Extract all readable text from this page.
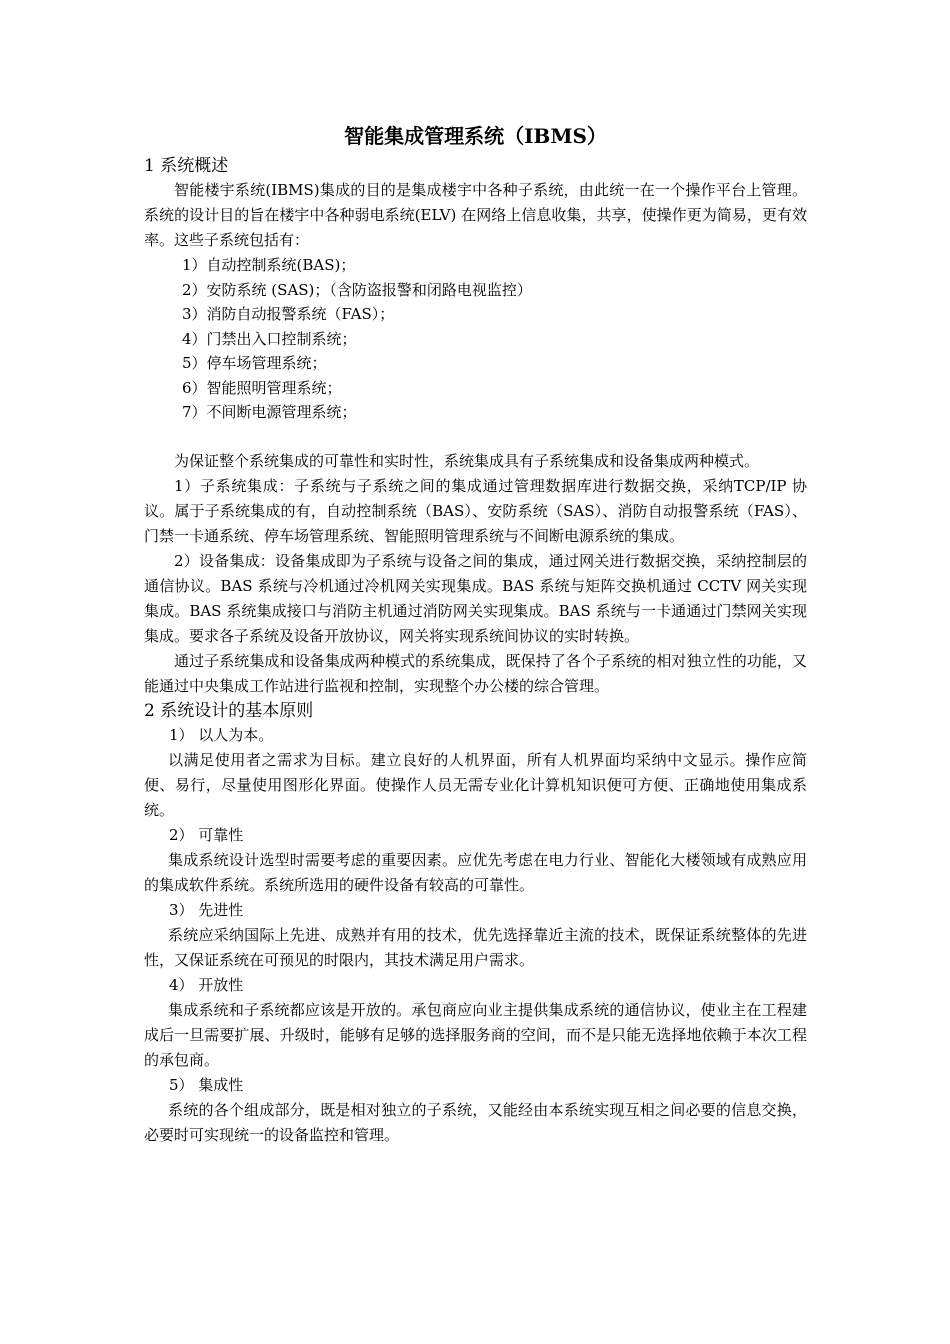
智能集成管理系统（IBMS）

1 系统概述

智能楼宇系统(IBMS)集成的目的是集成楼宇中各种子系统，由此统一在一个操作平台上管理。系统的设计目的旨在楼宇中各种弱电系统(ELV) 在网络上信息收集，共享，使操作更为简易，更有效率。这些子系统包括有：

1）自动控制系统(BAS)；

2）安防系统 (SAS)；（含防盗报警和闭路电视监控）

3）消防自动报警系统（FAS）；

4）门禁出入口控制系统；

5）停车场管理系统；

6）智能照明管理系统；

7）不间断电源管理系统；

为保证整个系统集成的可靠性和实时性，系统集成具有子系统集成和设备集成两种模式。

1）子系统集成：子系统与子系统之间的集成通过管理数据库进行数据交换，采纳TCP/IP 协议。属于子系统集成的有，自动控制系统（BAS）、安防系统（SAS）、消防自动报警系统（FAS）、门禁一卡通系统、停车场管理系统、智能照明管理系统与不间断电源系统的集成。

2）设备集成：设备集成即为子系统与设备之间的集成，通过网关进行数据交换，采纳控制层的通信协议。BAS 系统与冷机通过冷机网关实现集成。BAS 系统与矩阵交换机通过 CCTV 网关实现集成。BAS 系统集成接口与消防主机通过消防网关实现集成。BAS 系统与一卡通通过门禁网关实现集成。要求各子系统及设备开放协议，网关将实现系统间协议的实时转换。

通过子系统集成和设备集成两种模式的系统集成，既保持了各个子系统的相对独立性的功能，又能通过中央集成工作站进行监视和控制，实现整个办公楼的综合管理。

2 系统设计的基本原则

1） 以人为本。

以满足使用者之需求为目标。建立良好的人机界面，所有人机界面均采纳中文显示。操作应简便、易行，尽量使用图形化界面。使操作人员无需专业化计算机知识便可方便、正确地使用集成系统。

2） 可靠性

集成系统设计选型时需要考虑的重要因素。应优先考虑在电力行业、智能化大楼领域有成熟应用的集成软件系统。系统所选用的硬件设备有较高的可靠性。

3） 先进性

系统应采纳国际上先进、成熟并有用的技术，优先选择靠近主流的技术，既保证系统整体的先进性，又保证系统在可预见的时限内，其技术满足用户需求。

4） 开放性

集成系统和子系统都应该是开放的。承包商应向业主提供集成系统的通信协议，使业主在工程建成后一旦需要扩展、升级时，能够有足够的选择服务商的空间，而不是只能无选择地依赖于本次工程的承包商。

5） 集成性

系统的各个组成部分，既是相对独立的子系统，又能经由本系统实现互相之间必要的信息交换，必要时可实现统一的设备监控和管理。
